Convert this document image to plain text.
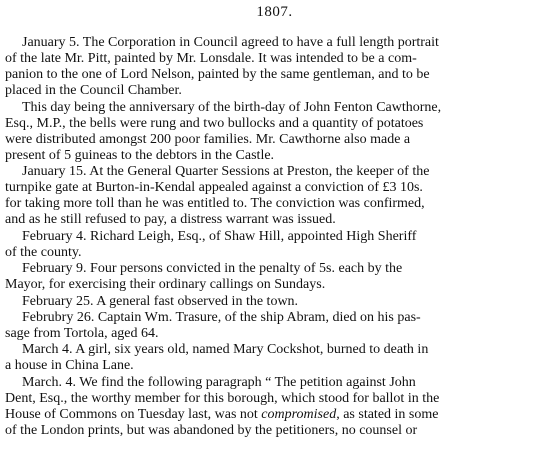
1807.
January 5. The Corporation in Council agreed to have a full length portrait
of the late Mr. Pitt, painted by Mr. Lonsdale. It was intended to be a com-
panion to the one of Lord Nelson, painted by the same gentleman, and to be
placed in the Council Chamber.
This day being the anniversary of the birth-day of John Fenton Cawthorne,
Esq., M.P., the bells were rung and two bullocks and a quantity of potatoes
were distributed amongst 200 poor families. Mr. Cawthorne also made a
present of 5 guineas to the debtors in the Castle.
January 15. At the General Quarter Sessions at Preston, the keeper of the
turnpike gate at Burton-in-Kendal appealed against a conviction of £3 10s.
for taking more toll than he was entitled to. The conviction was confirmed,
and as he still refused to pay, a distress warrant was issued.
February 4. Richard Leigh, Esq., of Shaw Hill, appointed High Sheriff
of the county.
February 9. Four persons convicted in the penalty of 5s. each by the
Mayor, for exercising their ordinary callings on Sundays.
February 25. A general fast observed in the town.
Februbry 26. Captain Wm. Trasure, of the ship Abram, died on his pas-
sage from Tortola, aged 64.
March 4. A girl, six years old, named Mary Cockshot, burned to death in
a house in China Lane.
March. 4. We find the following paragraph “ The petition against John
Dent, Esq., the worthy member for this borough, which stood for ballot in the
House of Commons on Tuesday last, was not compromised, as stated in some
of the London prints, but was abandoned by the petitioners, no counsel or
